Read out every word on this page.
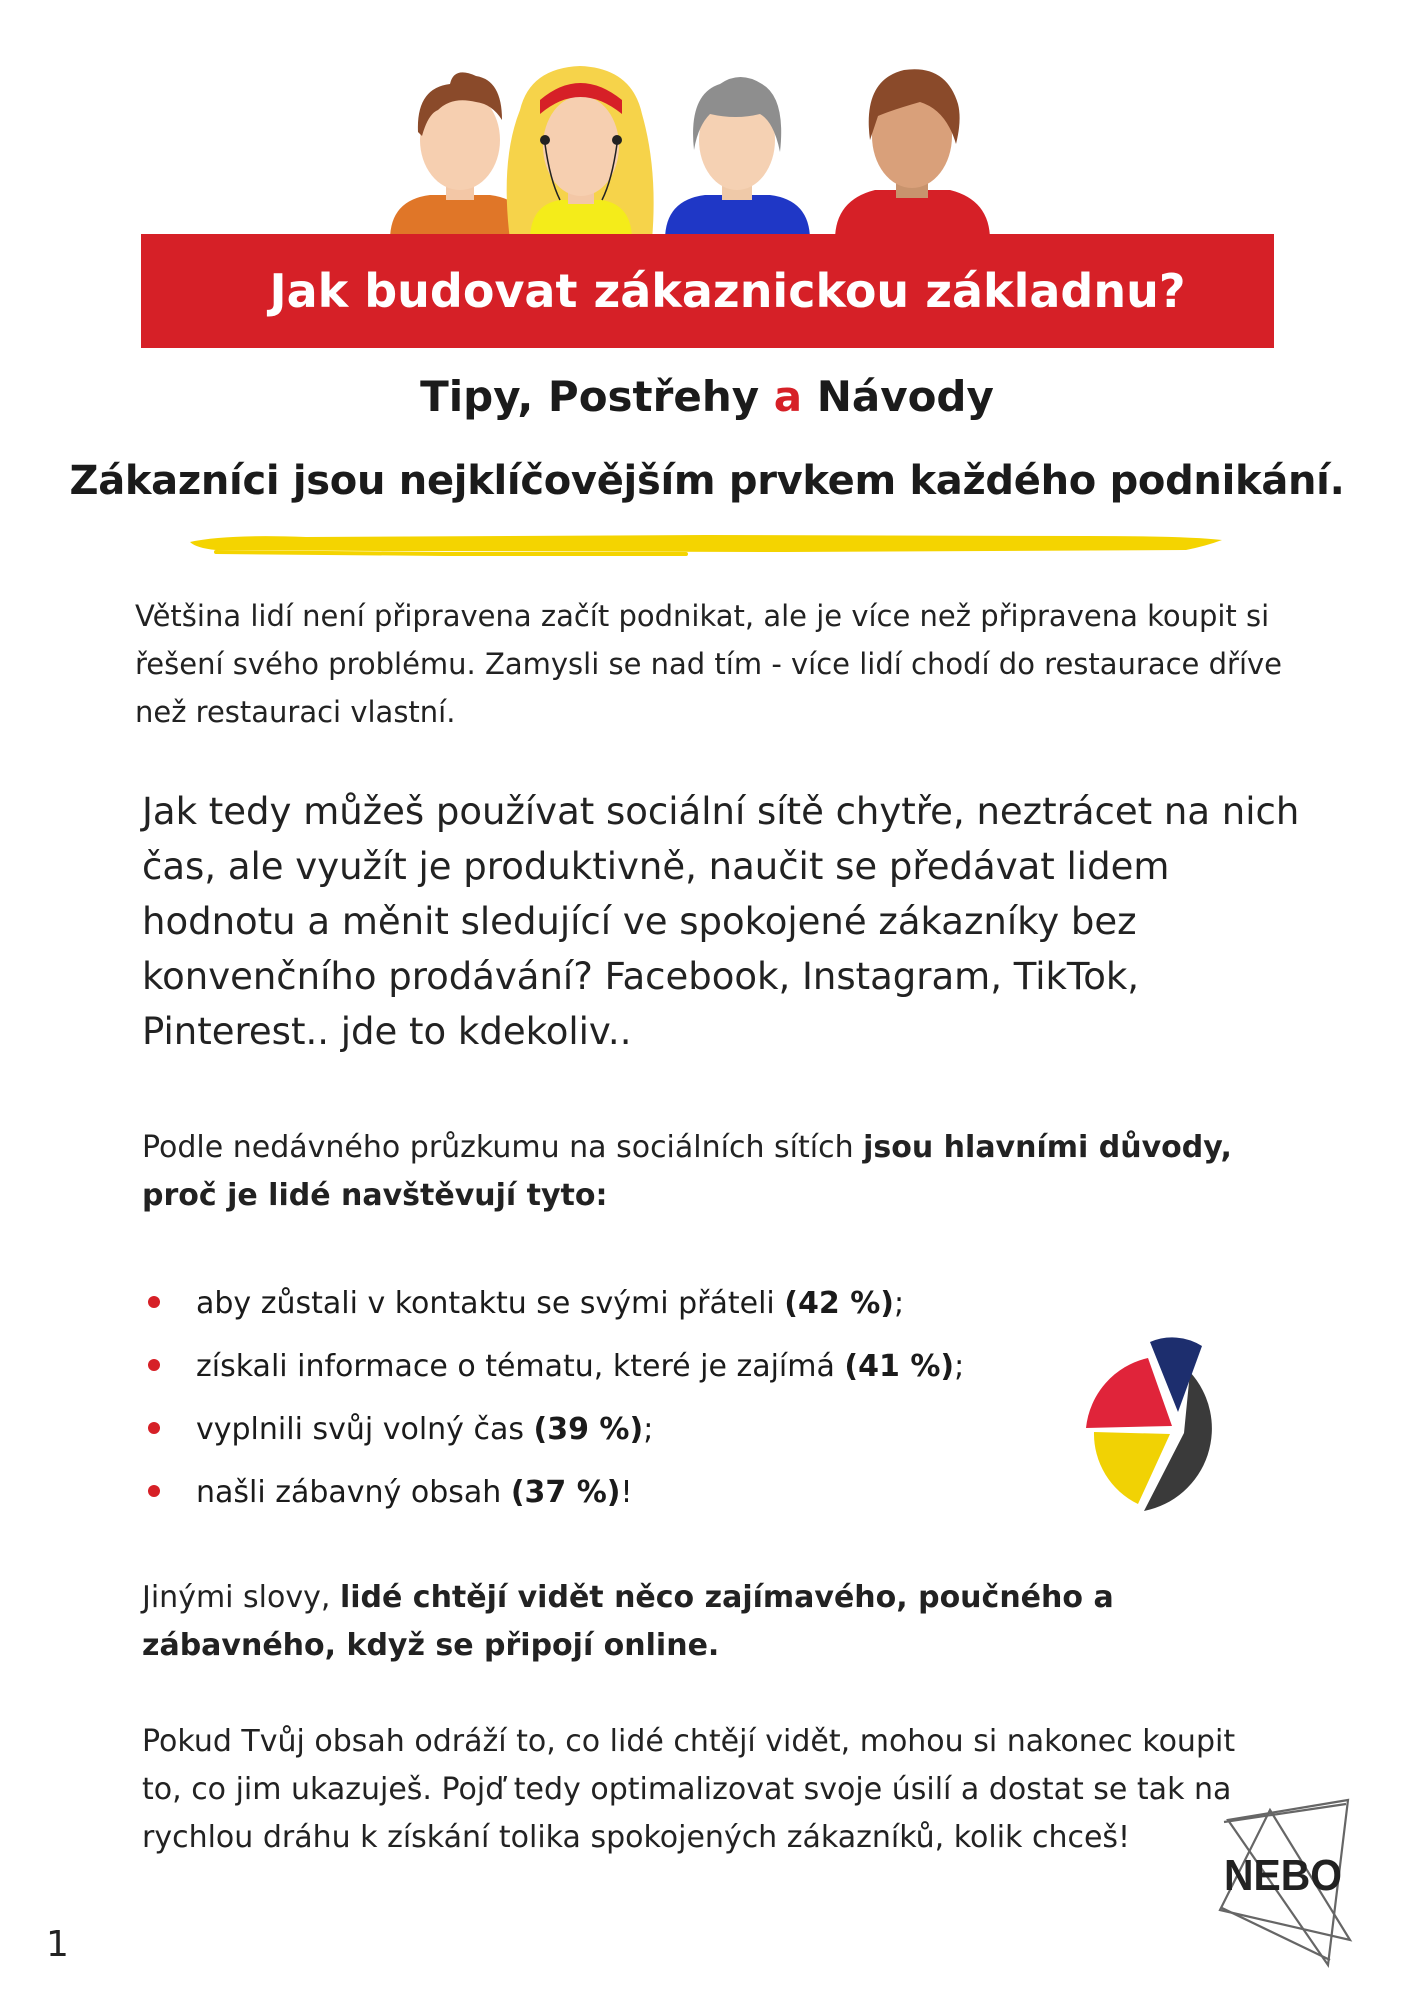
Jak budovat zákaznickou základnu?
Tipy, Postřehy a Návody
Zákazníci jsou nejklíčovějším prvkem každého podnikání.
Většina lidí není připravena začít podnikat, ale je více než připravena koupit si řešení svého problému. Zamysli se nad tím - více lidí chodí do restaurace dříve než restauraci vlastní.
Jak tedy můžeš používat sociální sítě chytře, neztrácet na nich čas, ale využít je produktivně, naučit se předávat lidem hodnotu a měnit sledující ve spokojené zákazníky bez konvenčního prodávání? Facebook, Instagram, TikTok, Pinterest.. jde to kdekoliv..
Podle nedávného průzkumu na sociálních sítích jsou hlavními důvody, proč je lidé navštěvují tyto:
aby zůstali v kontaktu se svými přáteli (42 %);
získali informace o tématu, které je zajímá (41 %);
vyplnili svůj volný čas (39 %);
našli zábavný obsah (37 %)!
Jinými slovy, lidé chtějí vidět něco zajímavého, poučného a zábavného, když se připojí online.
Pokud Tvůj obsah odráží to, co lidé chtějí vidět, mohou si nakonec koupit to, co jim ukazuješ. Pojď tedy optimalizovat svoje úsilí a dostat se tak na rychlou dráhu k získání tolika spokojených zákazníků, kolik chceš!
NEBO
1
